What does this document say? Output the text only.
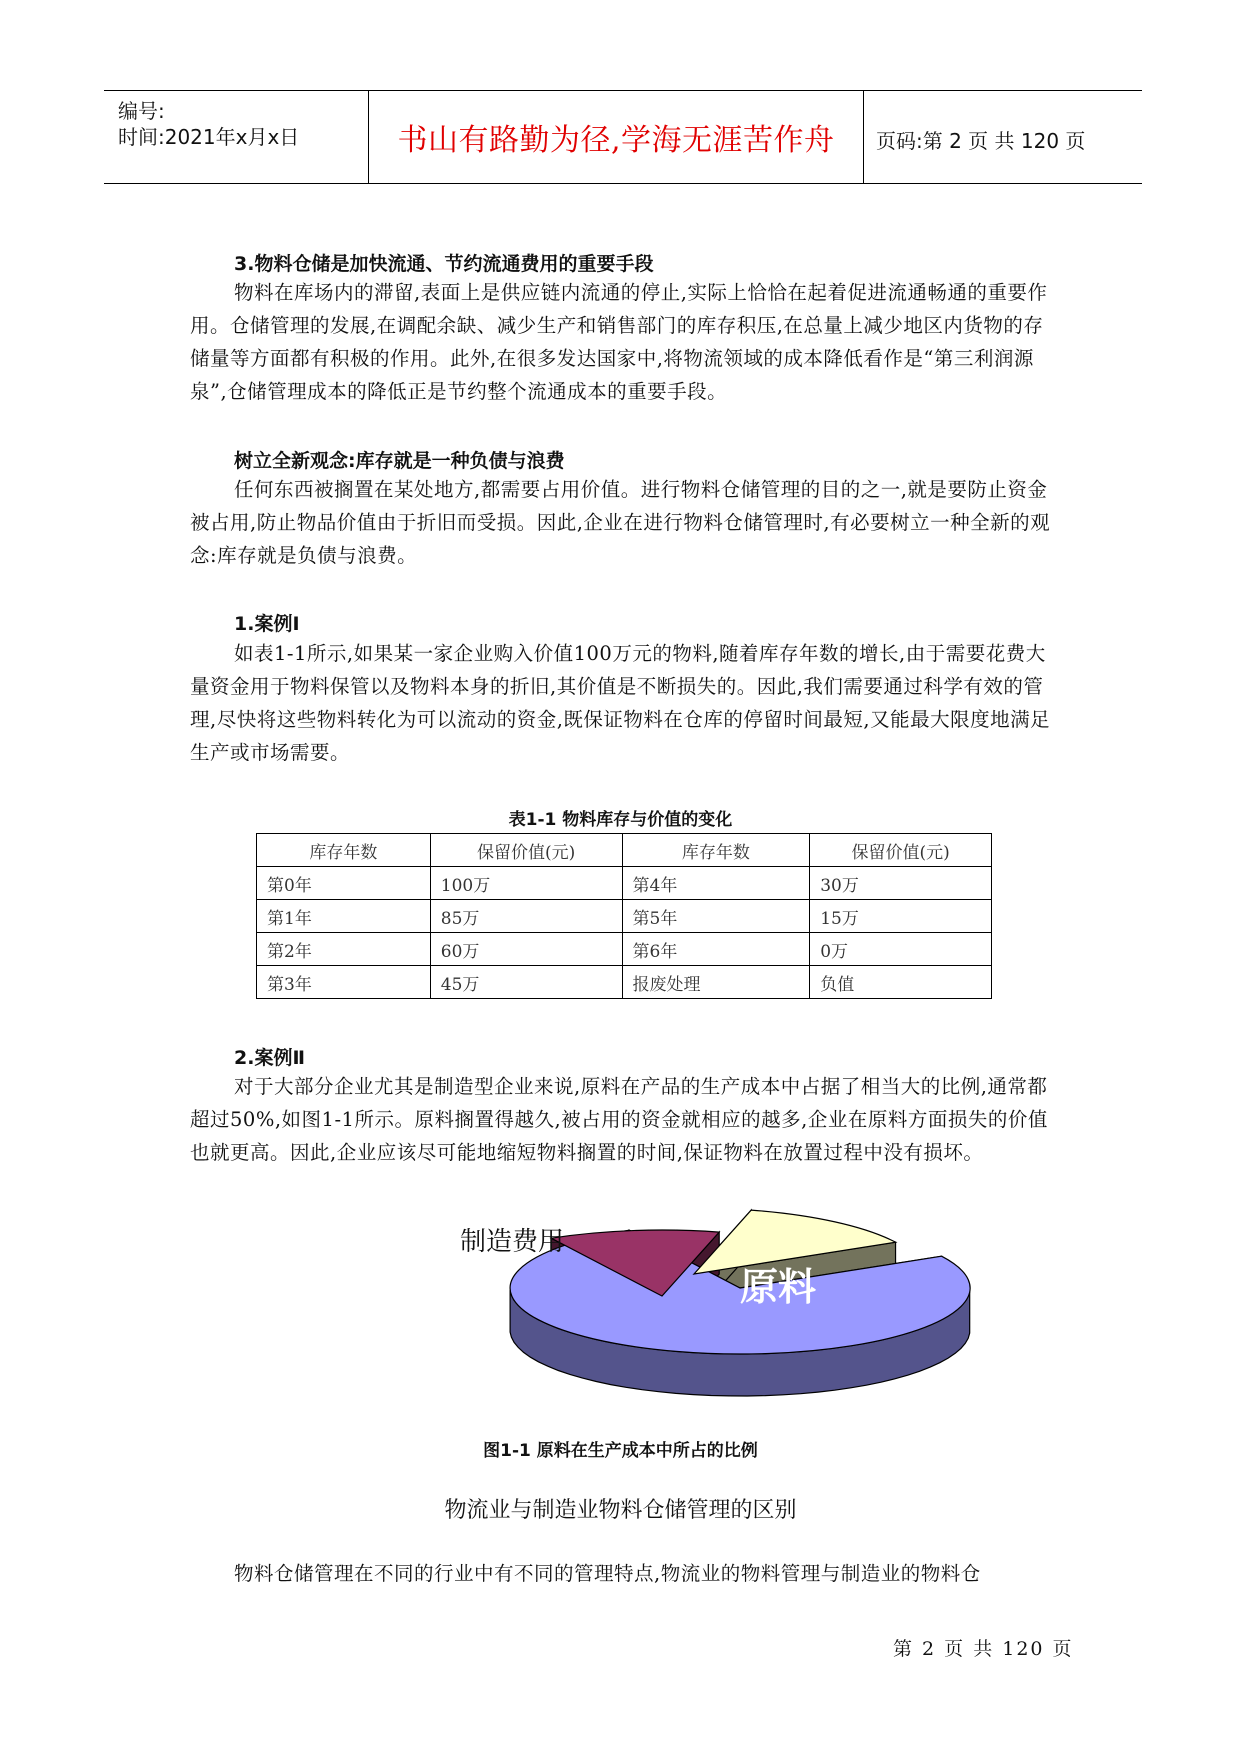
编号:
时间:2021年x月x日	书山有路勤为径,学海无涯苦作舟	页码:第 2 页 共 120 页
3.物料仓储是加快流通、节约流通费用的重要手段

物料在库场内的滞留,表面上是供应链内流通的停止,实际上恰恰在起着促进流通畅通的重要作用。仓储管理的发展,在调配余缺、减少生产和销售部门的库存积压,在总量上减少地区内货物的存储量等方面都有积极的作用。此外,在很多发达国家中,将物流领域的成本降低看作是“第三利润源泉”,仓储管理成本的降低正是节约整个流通成本的重要手段。

树立全新观念:库存就是一种负债与浪费

任何东西被搁置在某处地方,都需要占用价值。进行物料仓储管理的目的之一,就是要防止资金被占用,防止物品价值由于折旧而受损。因此,企业在进行物料仓储管理时,有必要树立一种全新的观念:库存就是负债与浪费。

1.案例Ⅰ

如表1-1所示,如果某一家企业购入价值100万元的物料,随着库存年数的增长,由于需要花费大量资金用于物料保管以及物料本身的折旧,其价值是不断损失的。因此,我们需要通过科学有效的管理,尽快将这些物料转化为可以流动的资金,既保证物料在仓库的停留时间最短,又能最大限度地满足生产或市场需要。

表1-1 物料库存与价值的变化
库存年数	保留价值(元)	库存年数	保留价值(元)
第0年	100万	第4年	30万
第1年	85万	第5年	15万
第2年	60万	第6年	0万
第3年	45万	报废处理	负值
2.案例Ⅱ

对于大部分企业尤其是制造型企业来说,原料在产品的生产成本中占据了相当大的比例,通常都超过50%,如图1-1所示。原料搁置得越久,被占用的资金就相应的越多,企业在原料方面损失的价值也就更高。因此,企业应该尽可能地缩短物料搁置的时间,保证物料在放置过程中没有损坏。

原料
直接人工
制造费用
图1-1 原料在生产成本中所占的比例
物流业与制造业物料仓储管理的区别
物料仓储管理在不同的行业中有不同的管理特点,物流业的物料管理与制造业的物料仓
第 2 页 共 120 页
